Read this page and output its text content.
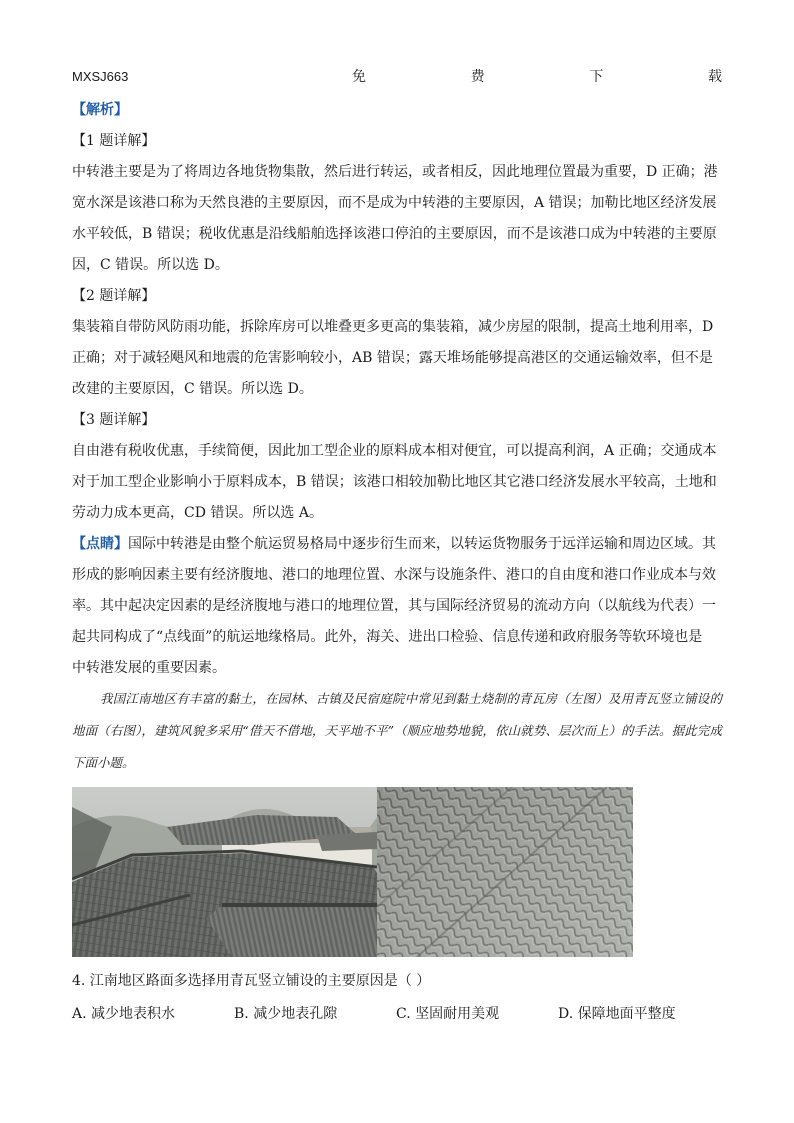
MXSJ663	免	费	下	载
【解析】

【1 题详解】

中转港主要是为了将周边各地货物集散，然后进行转运，或者相反，因此地理位置最为重要，D 正确；港

宽水深是该港口称为天然良港的主要原因，而不是成为中转港的主要原因，A 错误；加勒比地区经济发展

水平较低，B 错误；税收优惠是沿线船舶选择该港口停泊的主要原因，而不是该港口成为中转港的主要原

因，C 错误。所以选 D。

【2 题详解】

集装箱自带防风防雨功能，拆除库房可以堆叠更多更高的集装箱，减少房屋的限制，提高土地利用率，D

正确；对于减轻飓风和地震的危害影响较小，AB 错误；露天堆场能够提高港区的交通运输效率，但不是

改建的主要原因，C 错误。所以选 D。

【3 题详解】

自由港有税收优惠，手续简便，因此加工型企业的原料成本相对便宜，可以提高利润，A 正确；交通成本

对于加工型企业影响小于原料成本，B 错误；该港口相较加勒比地区其它港口经济发展水平较高，土地和

劳动力成本更高，CD 错误。所以选 A。

【点睛】国际中转港是由整个航运贸易格局中逐步衍生而来，以转运货物服务于远洋运输和周边区域。其

形成的影响因素主要有经济腹地、港口的地理位置、水深与设施条件、港口的自由度和港口作业成本与效

率。其中起决定因素的是经济腹地与港口的地理位置，其与国际经济贸易的流动方向（以航线为代表）一

起共同构成了“点线面”的航运地缘格局。此外，海关、进出口检验、信息传递和政府服务等软环境也是

中转港发展的重要因素。

我国江南地区有丰富的黏土，在园林、古镇及民宿庭院中常见到黏土烧制的青瓦房（左图）及用青瓦竖立铺设的地面（右图），建筑风貌多采用“借天不借地，天平地不平”（顺应地势地貌，依山就势、层次而上）的手法。据此完成下面小题。
4. 江南地区路面多选择用青瓦竖立铺设的主要原因是（ ）
A. 减少地表积水	B. 减少地表孔隙	C. 坚固耐用美观	D. 保障地面平整度
